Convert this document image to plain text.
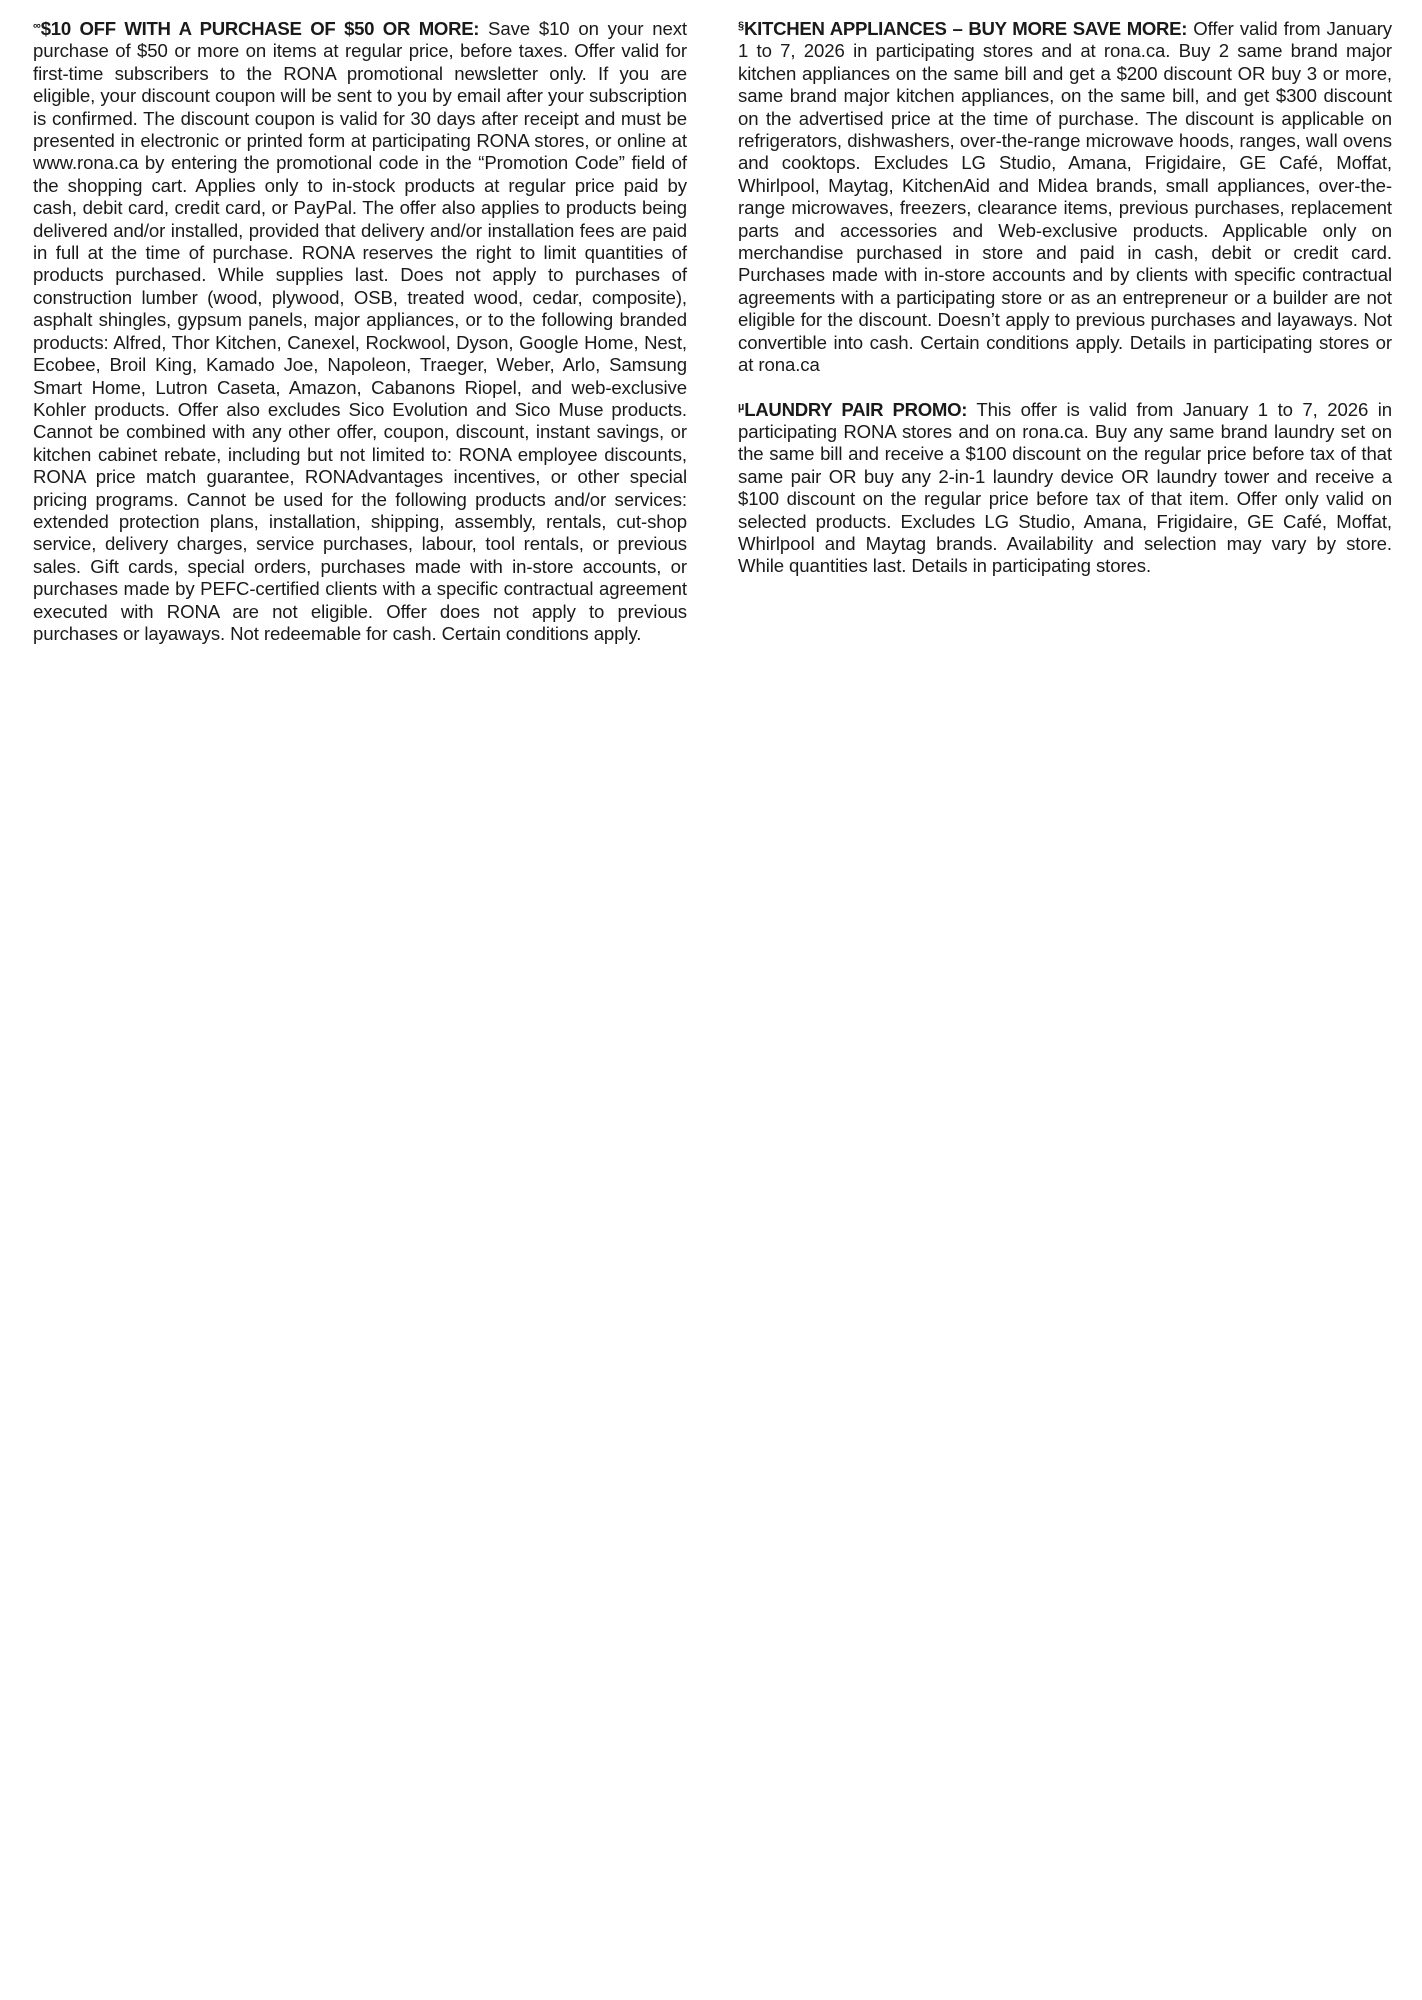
∞$10 OFF WITH A PURCHASE OF $50 OR MORE: Save $10 on your next purchase of $50 or more on items at regular price, before taxes. Offer valid for first-time subscribers to the RONA promotional newsletter only. If you are eligible, your discount coupon will be sent to you by email after your subscription is confirmed. The discount coupon is valid for 30 days after receipt and must be presented in electronic or printed form at participating RONA stores, or online at www.rona.ca by entering the promotional code in the “Promotion Code” field of the shopping cart. Applies only to in-stock products at regular price paid by cash, debit card, credit card, or PayPal. The offer also applies to products being delivered and/or installed, provided that delivery and/or installation fees are paid in full at the time of purchase. RONA reserves the right to limit quantities of products purchased. While supplies last. Does not apply to purchases of construction lumber (wood, plywood, OSB, treated wood, cedar, composite), asphalt shingles, gypsum panels, major appliances, or to the following branded products: Alfred, Thor Kitchen, Canexel, Rockwool, Dyson, Google Home, Nest, Ecobee, Broil King, Kamado Joe, Napoleon, Traeger, Weber, Arlo, Samsung Smart Home, Lutron Caseta, Amazon, Cabanons Riopel, and web-exclusive Kohler products. Offer also excludes Sico Evolution and Sico Muse products. Cannot be combined with any other offer, coupon, discount, instant savings, or kitchen cabinet rebate, including but not limited to: RONA employee discounts, RONA price match guarantee, RONAdvantages incentives, or other special pricing programs. Cannot be used for the following products and/or services: extended protection plans, installation, shipping, assembly, rentals, cut-shop service, delivery charges, service purchases, labour, tool rentals, or previous sales. Gift cards, special orders, purchases made with in-store accounts, or purchases made by PEFC-certified clients with a specific contractual agreement executed with RONA are not eligible. Offer does not apply to previous purchases or layaways. Not redeemable for cash. Certain conditions apply.

§KITCHEN APPLIANCES – BUY MORE SAVE MORE: Offer valid from January 1 to 7, 2026 in participating stores and at rona.ca. Buy 2 same brand major kitchen appliances on the same bill and get a $200 discount OR buy 3 or more, same brand major kitchen appliances, on the same bill, and get $300 discount on the advertised price at the time of purchase. The discount is applicable on refrigerators, dishwashers, over-the-range microwave hoods, ranges, wall ovens and cooktops. Excludes LG Studio, Amana, Frigidaire, GE Café, Moffat, Whirlpool, Maytag, KitchenAid and Midea brands, small appliances, over-the-range microwaves, freezers, clearance items, previous purchases, replacement parts and accessories and Web-exclusive products. Applicable only on merchandise purchased in store and paid in cash, debit or credit card. Purchases made with in-store accounts and by clients with specific contractual agreements with a participating store or as an entrepreneur or a builder are not eligible for the discount. Doesn’t apply to previous purchases and layaways. Not convertible into cash. Certain conditions apply. Details in participating stores or at rona.ca

$^\mu$LAUNDRY PAIR PROMO: This offer is valid from January 1 to 7, 2026 in participating RONA stores and on rona.ca. Buy any same brand laundry set on the same bill and receive a $100 discount on the regular price before tax of that same pair OR buy any 2-in-1 laundry device OR laundry tower and receive a $100 discount on the regular price before tax of that item. Offer only valid on selected products. Excludes LG Studio, Amana, Frigidaire, GE Café, Moffat, Whirlpool and Maytag brands. Availability and selection may vary by store. While quantities last. Details in participating stores.
